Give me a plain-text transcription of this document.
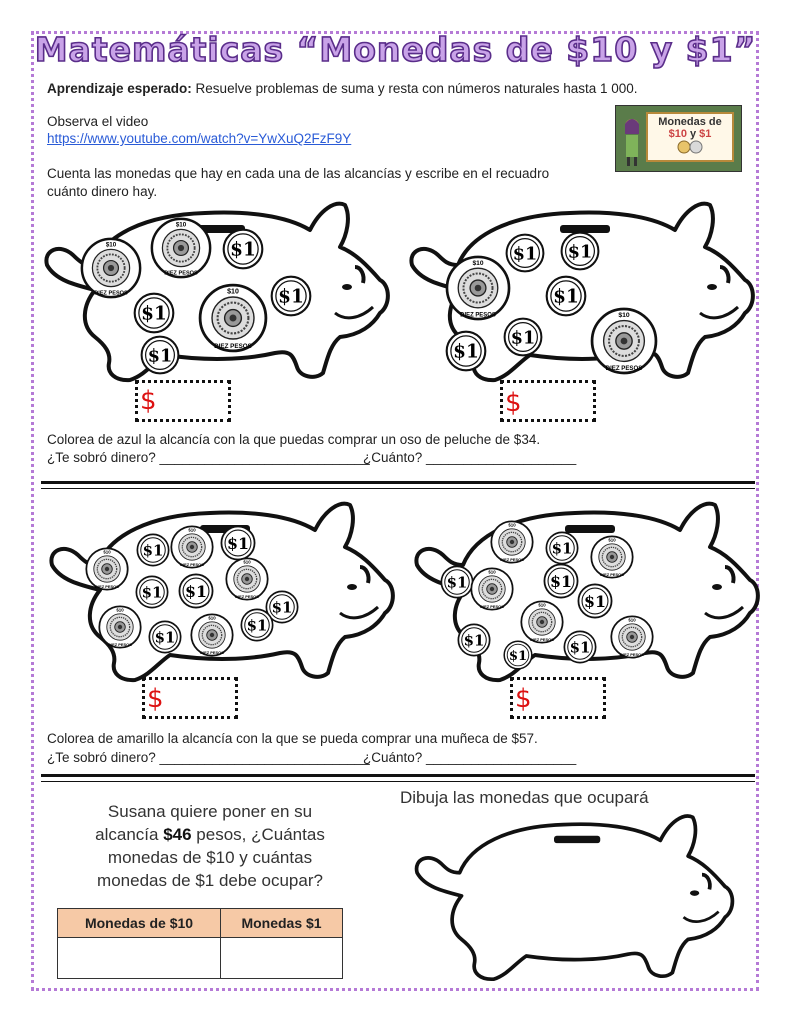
Matemáticas “Monedas de $10 y $1”
Aprendizaje esperado: Resuelve problemas de suma y resta con números naturales hasta 1 000.
Observa el video
https://www.youtube.com/watch?v=YwXuQ2FzF9Y
Monedas de
$10 y $1
Cuenta las monedas que hay en cada una de las alcancías y escribe en el recuadro cuánto dinero hay.
$	$
Colorea de azul la alcancía con la que puedas comprar un oso de peluche de $34.
¿Te sobró dinero? ____________________________
¿Cuánto? ____________________
$	$
Colorea de amarillo la alcancía con la que se pueda comprar una muñeca de $57.
¿Te sobró dinero? ____________________________
¿Cuánto? ____________________
Susana quiere poner en su
alcancía $46 pesos, ¿Cuántas
monedas de $10 y cuántas
monedas de $1 debe ocupar?
Dibuja las monedas que ocupará
Monedas de $10	Monedas $1
